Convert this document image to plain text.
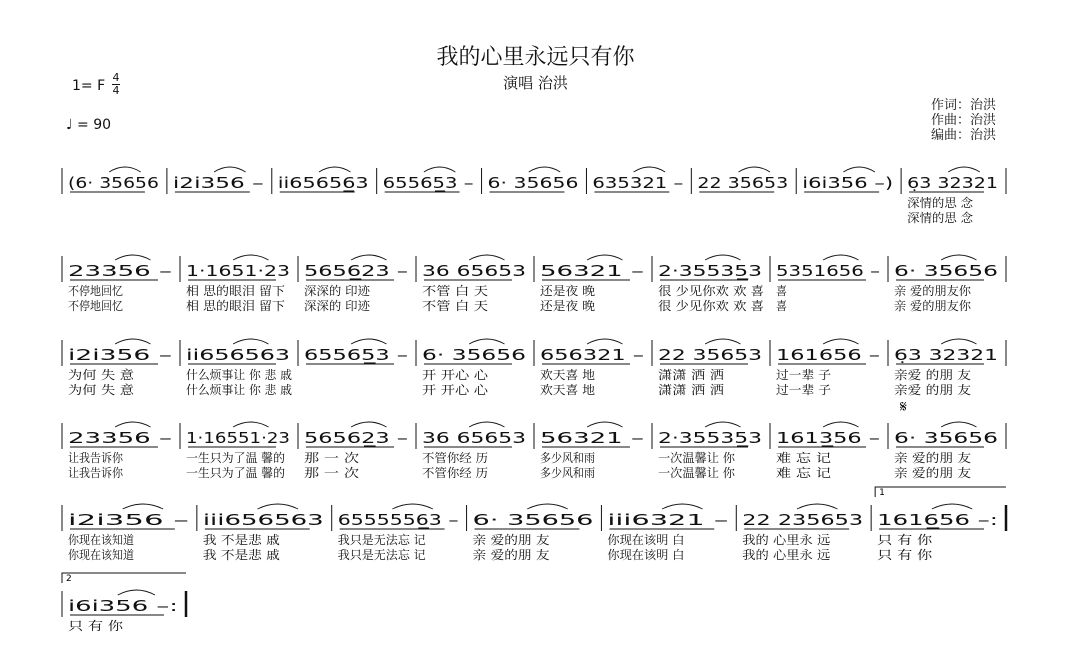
我的心里永远只有你
演唱 治洪
1= F
4
4
♩ = 90
作词：治洪
作曲：治洪
编曲：治洪
(6· 35656 i2i356 – ii65656̲3 65565̲3 –	6· 35656 635321 – 22 35653 i6i356 –) 6̣3 32321
深情的思 念
深情的思 念
23356 –
不停地回忆
不停地回忆
1·1651·23
相 思的眼泪 留下
相 思的眼泪 留下
5656̲23 –
深深的 印迹
深深的 印迹
36 65653
不管 白 天
不管 白 天
56321 –
还是夜 晚
还是夜 晚
2·35535̲3
很 少见你欢 欢 喜
很 少见你欢 欢 喜
5351656 –
喜
喜
6· 35656
亲 爱的朋友你
亲 爱的朋友你
i2i356 –
为何 失 意
为何 失 意
ii656563
什么烦事让 你 悲 戚
什么烦事让 你 悲 戚
65565̲3 –	6· 35656
开 开心 心
开 开心 心
656321 –
欢天喜 地
欢天喜 地
22 35653
潇潇 洒 洒
潇潇 洒 洒
161656 –
过一辈 子
过一辈 子
6̣3 32321
亲爱 的朋 友
亲爱 的朋 友
𝄋
23356 –
让我告诉你
让我告诉你
1·16551·23
一生只为了温 馨的
一生只为了温 馨的
56562̲3 –
那 一 次
那 一 次
36 65653
不管你经 历
不管你经 历
56321 –
多少风和雨
多少风和雨
2·35535̲3
一次温馨让 你
一次温馨让 你
1613̲56 –
难 忘 记
难 忘 记
6· 35656
亲 爱的朋 友
亲 爱的朋 友
i2i356 –
你现在该知道
你现在该知道
iii656563
我 不是悲 戚
我 不是悲 戚
6555556̲3 –
我只是无法忘 记
我只是无法忘 记
6· 35656
亲 爱的朋 友
亲 爱的朋 友
iii6321 –
你现在该明 白
你现在该明 白
22 235653
我的 心里永 远
我的 心里永 远
1616̲56 –:
只 有 你
只 有 你
1
i6i356 –:
只 有 你
2
